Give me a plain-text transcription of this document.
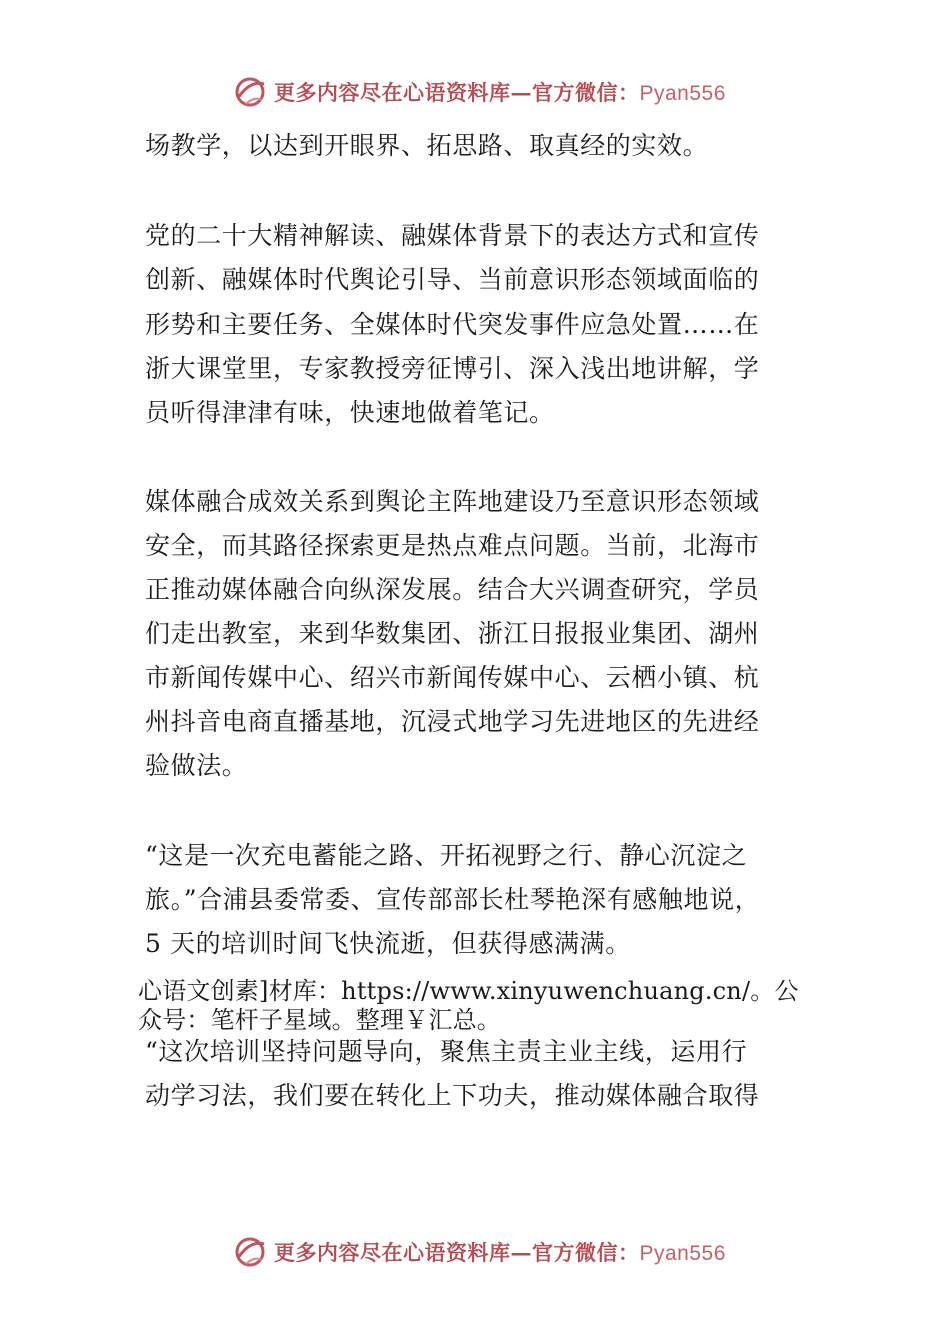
更多内容尽在心语资料库—官方微信：Pyan556
场教学，以达到开眼界、拓思路、取真经的实效。
党的二十大精神解读、融媒体背景下的表达方式和宣传
创新、融媒体时代舆论引导、当前意识形态领域面临的
形势和主要任务、全媒体时代突发事件应急处置……在
浙大课堂里，专家教授旁征博引、深入浅出地讲解，学
员听得津津有味，快速地做着笔记。
媒体融合成效关系到舆论主阵地建设乃至意识形态领域
安全，而其路径探索更是热点难点问题。当前，北海市
正推动媒体融合向纵深发展。结合大兴调查研究，学员
们走出教室，来到华数集团、浙江日报报业集团、湖州
市新闻传媒中心、绍兴市新闻传媒中心、云栖小镇、杭
州抖音电商直播基地，沉浸式地学习先进地区的先进经
验做法。
“这是一次充电蓄能之路、开拓视野之行、静心沉淀之
旅。”合浦县委常委、宣传部部长杜琴艳深有感触地说，
5 天的培训时间飞快流逝，但获得感满满。
心语文创素]材库：https://www.xinyuwenchuang.cn/。公
众号：笔杆子星域。整理￥汇总。
“这次培训坚持问题导向，聚焦主责主业主线，运用行
动学习法，我们要在转化上下功夫，推动媒体融合取得
更多内容尽在心语资料库—官方微信：Pyan556
